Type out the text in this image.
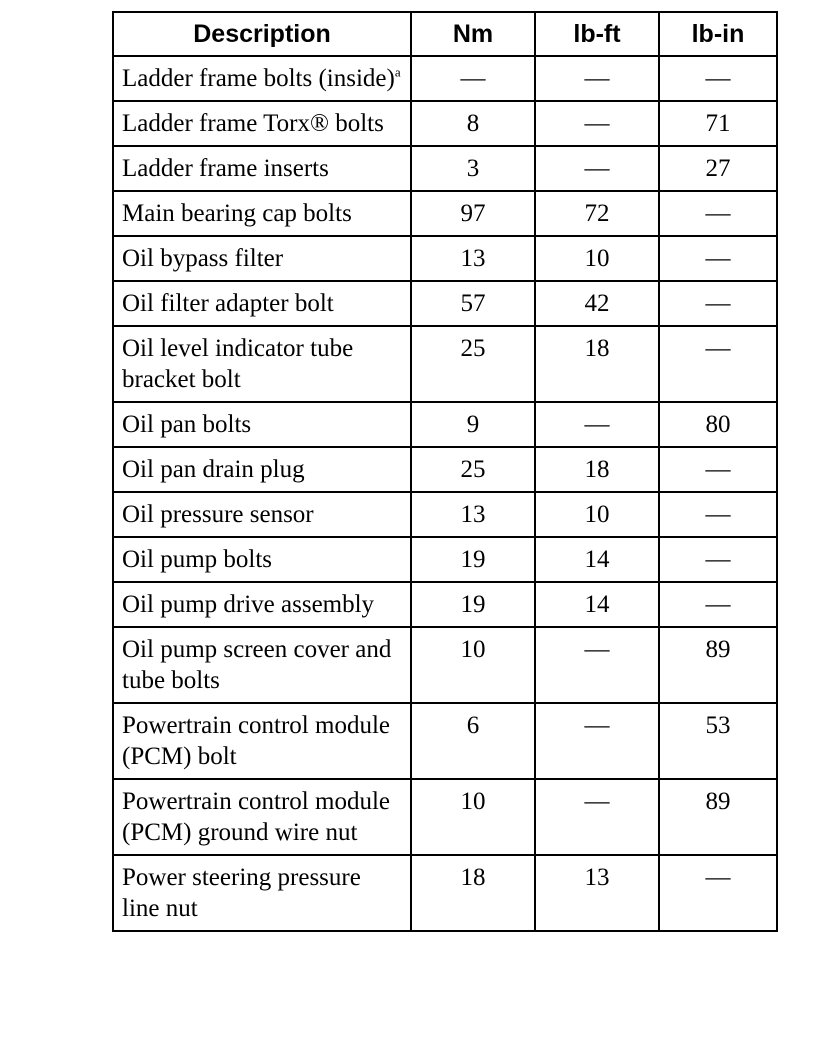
Description	Nm	lb-ft	lb-in
Ladder frame bolts (inside)$^a$	—	—	—
Ladder frame Torx® bolts	8	—	71
Ladder frame inserts	3	—	27
Main bearing cap bolts	97	72	—
Oil bypass filter	13	10	—
Oil filter adapter bolt	57	42	—
Oil level indicator tube bracket bolt	25	18	—
Oil pan bolts	9	—	80
Oil pan drain plug	25	18	—
Oil pressure sensor	13	10	—
Oil pump bolts	19	14	—
Oil pump drive assembly	19	14	—
Oil pump screen cover and tube bolts	10	—	89
Powertrain control module (PCM) bolt	6	—	53
Powertrain control module (PCM) ground wire nut	10	—	89
Power steering pressure line nut	18	13	—
